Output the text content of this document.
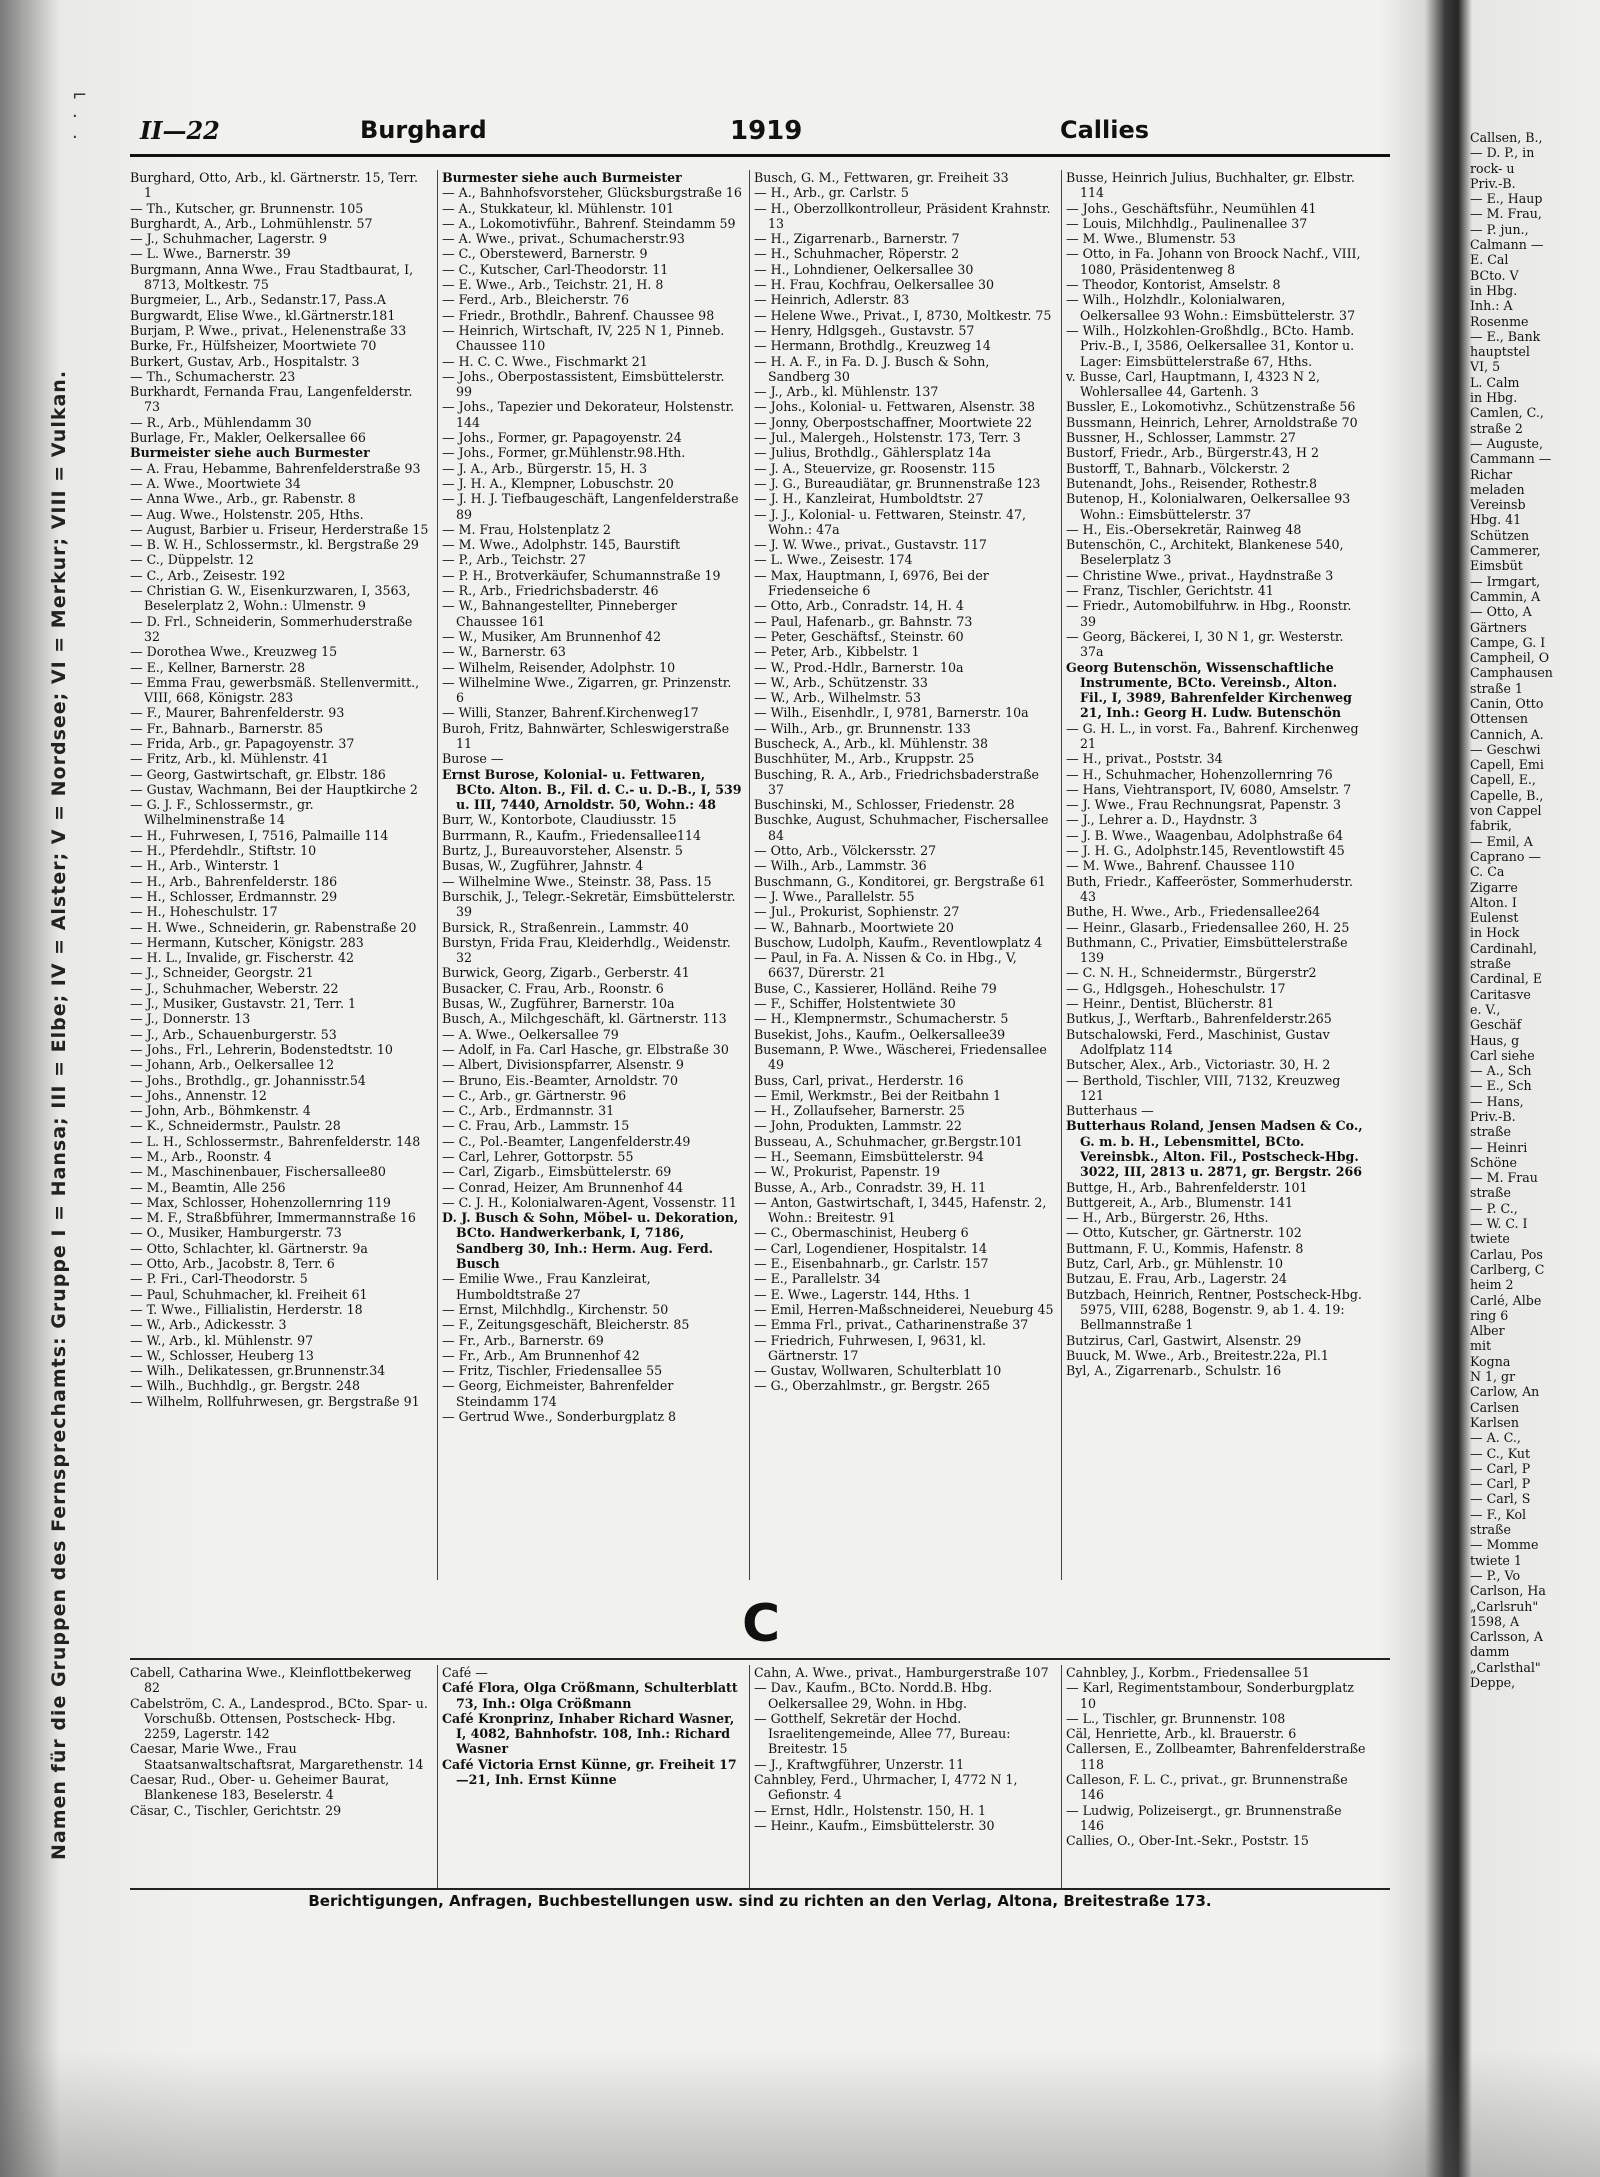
⌐
·
·
Namen für die Gruppen des Fernsprechamts: Gruppe I = Hansa; III = Elbe; IV = Alster; V = Nordsee; VI = Merkur; VIII = Vulkan.
II—22	Burghard	1919	Callies
Burghard, Otto, Arb., kl. Gärtnerstr. 15, Terr. 1
— Th., Kutscher, gr. Brunnenstr. 105
Burghardt, A., Arb., Lohmühlenstr. 57
— J., Schuhmacher, Lagerstr. 9
— L. Wwe., Barnerstr. 39
Burgmann, Anna Wwe., Frau Stadtbaurat, I, 8713, Moltkestr. 75
Burgmeier, L., Arb., Sedanstr.17, Pass.A
Burgwardt, Elise Wwe., kl.Gärtnerstr.181
Burjam, P. Wwe., privat., Helenenstraße 33
Burke, Fr., Hülfsheizer, Moortwiete 70
Burkert, Gustav, Arb., Hospitalstr. 3
— Th., Schumacherstr. 23
Burkhardt, Fernanda Frau, Langenfelderstr. 73
— R., Arb., Mühlendamm 30
Burlage, Fr., Makler, Oelkersallee 66
Burmeister siehe auch Burmester
— A. Frau, Hebamme, Bahrenfelderstraße 93
— A. Wwe., Moortwiete 34
— Anna Wwe., Arb., gr. Rabenstr. 8
— Aug. Wwe., Holstenstr. 205, Hths.
— August, Barbier u. Friseur, Herderstraße 15
— B. W. H., Schlossermstr., kl. Bergstraße 29
— C., Düppelstr. 12
— C., Arb., Zeisestr. 192
— Christian G. W., Eisenkurzwaren, I, 3563, Beselerplatz 2, Wohn.: Ulmenstr. 9
— D. Frl., Schneiderin, Sommerhuderstraße 32
— Dorothea Wwe., Kreuzweg 15
— E., Kellner, Barnerstr. 28
— Emma Frau, gewerbsmäß. Stellenvermitt., VIII, 668, Königstr. 283
— F., Maurer, Bahrenfelderstr. 93
— Fr., Bahnarb., Barnerstr. 85
— Frida, Arb., gr. Papagoyenstr. 37
— Fritz, Arb., kl. Mühlenstr. 41
— Georg, Gastwirtschaft, gr. Elbstr. 186
— Gustav, Wachmann, Bei der Hauptkirche 2
— G. J. F., Schlossermstr., gr. Wilhelminenstraße 14
— H., Fuhrwesen, I, 7516, Palmaille 114
— H., Pferdehdlr., Stiftstr. 10
— H., Arb., Winterstr. 1
— H., Arb., Bahrenfelderstr. 186
— H., Schlosser, Erdmannstr. 29
— H., Hoheschulstr. 17
— H. Wwe., Schneiderin, gr. Rabenstraße 20
— Hermann, Kutscher, Königstr. 283
— H. L., Invalide, gr. Fischerstr. 42
— J., Schneider, Georgstr. 21
— J., Schuhmacher, Weberstr. 22
— J., Musiker, Gustavstr. 21, Terr. 1
— J., Donnerstr. 13
— J., Arb., Schauenburgerstr. 53
— Johs., Frl., Lehrerin, Bodenstedtstr. 10
— Johann, Arb., Oelkersallee 12
— Johs., Brothdlg., gr. Johannisstr.54
— Johs., Annenstr. 12
— John, Arb., Böhmkenstr. 4
— K., Schneidermstr., Paulstr. 28
— L. H., Schlossermstr., Bahrenfelderstr. 148
— M., Arb., Roonstr. 4
— M., Maschinenbauer, Fischersallee80
— M., Beamtin, Alle 256
— Max, Schlosser, Hohenzollernring 119
— M. F., Straßbführer, Immermannstraße 16
— O., Musiker, Hamburgerstr. 73
— Otto, Schlachter, kl. Gärtnerstr. 9a
— Otto, Arb., Jacobstr. 8, Terr. 6
— P. Fri., Carl-Theodorstr. 5
— Paul, Schuhmacher, kl. Freiheit 61
— T. Wwe., Fillialistin, Herderstr. 18
— W., Arb., Adickesstr. 3
— W., Arb., kl. Mühlenstr. 97
— W., Schlosser, Heuberg 13
— Wilh., Delikatessen, gr.Brunnenstr.34
— Wilh., Buchhdlg., gr. Bergstr. 248
— Wilhelm, Rollfuhrwesen, gr. Bergstraße 91
Burmester siehe auch Burmeister
— A., Bahnhofsvorsteher, Glücksburgstraße 16
— A., Stukkateur, kl. Mühlenstr. 101
— A., Lokomotivführ., Bahrenf. Steindamm 59
— A. Wwe., privat., Schumacherstr.93
— C., Oberstewerd, Barnerstr. 9
— C., Kutscher, Carl-Theodorstr. 11
— E. Wwe., Arb., Teichstr. 21, H. 8
— Ferd., Arb., Bleicherstr. 76
— Friedr., Brothdlr., Bahrenf. Chaussee 98
— Heinrich, Wirtschaft, IV, 225 N 1, Pinneb. Chaussee 110
— H. C. C. Wwe., Fischmarkt 21
— Johs., Oberpostassistent, Eimsbüttelerstr. 99
— Johs., Tapezier und Dekorateur, Holstenstr. 144
— Johs., Former, gr. Papagoyenstr. 24
— Johs., Former, gr.Mühlenstr.98.Hth.
— J. A., Arb., Bürgerstr. 15, H. 3
— J. H. A., Klempner, Lobuschstr. 20
— J. H. J. Tiefbaugeschäft, Langenfelderstraße 89
— M. Frau, Holstenplatz 2
— M. Wwe., Adolphstr. 145, Baurstift
— P., Arb., Teichstr. 27
— P. H., Brotverkäufer, Schumannstraße 19
— R., Arb., Friedrichsbaderstr. 46
— W., Bahnangestellter, Pinneberger Chaussee 161
— W., Musiker, Am Brunnenhof 42
— W., Barnerstr. 63
— Wilhelm, Reisender, Adolphstr. 10
— Wilhelmine Wwe., Zigarren, gr. Prinzenstr. 6
— Willi, Stanzer, Bahrenf.Kirchenweg17
Buroh, Fritz, Bahnwärter, Schleswigerstraße 11
Burose —
Ernst Burose, Kolonial- u. Fettwaren, BCto. Alton. B., Fil. d. C.- u. D.-B., I, 539 u. III, 7440, Arnoldstr. 50, Wohn.: 48
Burr, W., Kontorbote, Claudiusstr. 15
Burrmann, R., Kaufm., Friedensallee114
Burtz, J., Bureauvorsteher, Alsenstr. 5
Busas, W., Zugführer, Jahnstr. 4
— Wilhelmine Wwe., Steinstr. 38, Pass. 15
Burschik, J., Telegr.-Sekretär, Eimsbüttelerstr. 39
Bursick, R., Straßenrein., Lammstr. 40
Burstyn, Frida Frau, Kleiderhdlg., Weidenstr. 32
Burwick, Georg, Zigarb., Gerberstr. 41
Busacker, C. Frau, Arb., Roonstr. 6
Busas, W., Zugführer, Barnerstr. 10a
Busch, A., Milchgeschäft, kl. Gärtnerstr. 113
— A. Wwe., Oelkersallee 79
— Adolf, in Fa. Carl Hasche, gr. Elbstraße 30
— Albert, Divisionspfarrer, Alsenstr. 9
— Bruno, Eis.-Beamter, Arnoldstr. 70
— C., Arb., gr. Gärtnerstr. 96
— C., Arb., Erdmannstr. 31
— C. Frau, Arb., Lammstr. 15
— C., Pol.-Beamter, Langenfelderstr.49
— Carl, Lehrer, Gottorpstr. 55
— Carl, Zigarb., Eimsbüttelerstr. 69
— Conrad, Heizer, Am Brunnenhof 44
— C. J. H., Kolonialwaren-Agent, Vossenstr. 11
D. J. Busch & Sohn, Möbel- u. Dekoration, BCto. Handwerkerbank, I, 7186, Sandberg 30, Inh.: Herm. Aug. Ferd. Busch
— Emilie Wwe., Frau Kanzleirat, Humboldtstraße 27
— Ernst, Milchhdlg., Kirchenstr. 50
— F., Zeitungsgeschäft, Bleicherstr. 85
— Fr., Arb., Barnerstr. 69
— Fr., Arb., Am Brunnenhof 42
— Fritz, Tischler, Friedensallee 55
— Georg, Eichmeister, Bahrenfelder Steindamm 174
— Gertrud Wwe., Sonderburgplatz 8
Busch, G. M., Fettwaren, gr. Freiheit 33
— H., Arb., gr. Carlstr. 5
— H., Oberzollkontrolleur, Präsident Krahnstr. 13
— H., Zigarrenarb., Barnerstr. 7
— H., Schuhmacher, Röperstr. 2
— H., Lohndiener, Oelkersallee 30
— H. Frau, Kochfrau, Oelkersallee 30
— Heinrich, Adlerstr. 83
— Helene Wwe., Privat., I, 8730, Moltkestr. 75
— Henry, Hdlgsgeh., Gustavstr. 57
— Hermann, Brothdlg., Kreuzweg 14
— H. A. F., in Fa. D. J. Busch & Sohn, Sandberg 30
— J., Arb., kl. Mühlenstr. 137
— Johs., Kolonial- u. Fettwaren, Alsenstr. 38
— Jonny, Oberpostschaffner, Moortwiete 22
— Jul., Malergeh., Holstenstr. 173, Terr. 3
— Julius, Brothdlg., Gählersplatz 14a
— J. A., Steuervize, gr. Roosenstr. 115
— J. G., Bureaudiätar, gr. Brunnenstraße 123
— J. H., Kanzleirat, Humboldtstr. 27
— J. J., Kolonial- u. Fettwaren, Steinstr. 47, Wohn.: 47a
— J. W. Wwe., privat., Gustavstr. 117
— L. Wwe., Zeisestr. 174
— Max, Hauptmann, I, 6976, Bei der Friedenseiche 6
— Otto, Arb., Conradstr. 14, H. 4
— Paul, Hafenarb., gr. Bahnstr. 73
— Peter, Geschäftsf., Steinstr. 60
— Peter, Arb., Kibbelstr. 1
— W., Prod.-Hdlr., Barnerstr. 10a
— W., Arb., Schützenstr. 33
— W., Arb., Wilhelmstr. 53
— Wilh., Eisenhdlr., I, 9781, Barnerstr. 10a
— Wilh., Arb., gr. Brunnenstr. 133
Buscheck, A., Arb., kl. Mühlenstr. 38
Buschhüter, M., Arb., Kruppstr. 25
Busching, R. A., Arb., Friedrichsbaderstraße 37
Buschinski, M., Schlosser, Friedenstr. 28
Buschke, August, Schuhmacher, Fischersallee 84
— Otto, Arb., Völckersstr. 27
— Wilh., Arb., Lammstr. 36
Buschmann, G., Konditorei, gr. Bergstraße 61
— J. Wwe., Parallelstr. 55
— Jul., Prokurist, Sophienstr. 27
— W., Bahnarb., Moortwiete 20
Buschow, Ludolph, Kaufm., Reventlowplatz 4
— Paul, in Fa. A. Nissen & Co. in Hbg., V, 6637, Dürerstr. 21
Buse, C., Kassierer, Holländ. Reihe 79
— F., Schiffer, Holstentwiete 30
— H., Klempnermstr., Schumacherstr. 5
Busekist, Johs., Kaufm., Oelkersallee39
Busemann, P. Wwe., Wäscherei, Friedensallee 49
Buss, Carl, privat., Herderstr. 16
— Emil, Werkmstr., Bei der Reitbahn 1
— H., Zollaufseher, Barnerstr. 25
— John, Produkten, Lammstr. 22
Busseau, A., Schuhmacher, gr.Bergstr.101
— H., Seemann, Eimsbüttelerstr. 94
— W., Prokurist, Papenstr. 19
Busse, A., Arb., Conradstr. 39, H. 11
— Anton, Gastwirtschaft, I, 3445, Hafenstr. 2, Wohn.: Breitestr. 91
— C., Obermaschinist, Heuberg 6
— Carl, Logendiener, Hospitalstr. 14
— E., Eisenbahnarb., gr. Carlstr. 157
— E., Parallelstr. 34
— E. Wwe., Lagerstr. 144, Hths. 1
— Emil, Herren-Maßschneiderei, Neueburg 45
— Emma Frl., privat., Catharinenstraße 37
— Friedrich, Fuhrwesen, I, 9631, kl. Gärtnerstr. 17
— Gustav, Wollwaren, Schulterblatt 10
— G., Oberzahlmstr., gr. Bergstr. 265
Busse, Heinrich Julius, Buchhalter, gr. Elbstr. 114
— Johs., Geschäftsführ., Neumühlen 41
— Louis, Milchhdlg., Paulinenallee 37
— M. Wwe., Blumenstr. 53
— Otto, in Fa. Johann von Broock Nachf., VIII, 1080, Präsidentenweg 8
— Theodor, Kontorist, Amselstr. 8
— Wilh., Holzhdlr., Kolonialwaren, Oelkersallee 93 Wohn.: Eimsbüttelerstr. 37
— Wilh., Holzkohlen-Großhdlg., BCto. Hamb. Priv.-B., I, 3586, Oelkersallee 31, Kontor u. Lager: Eimsbüttelerstraße 67, Hths.
v. Busse, Carl, Hauptmann, I, 4323 N 2, Wohlersallee 44, Gartenh. 3
Bussler, E., Lokomotivhz., Schützenstraße 56
Bussmann, Heinrich, Lehrer, Arnoldstraße 70
Bussner, H., Schlosser, Lammstr. 27
Bustorf, Friedr., Arb., Bürgerstr.43, H 2
Bustorff, T., Bahnarb., Völckerstr. 2
Butenandt, Johs., Reisender, Rothestr.8
Butenop, H., Kolonialwaren, Oelkersallee 93 Wohn.: Eimsbüttelerstr. 37
— H., Eis.-Obersekretär, Rainweg 48
Butenschön, C., Architekt, Blankenese 540, Beselerplatz 3
— Christine Wwe., privat., Haydnstraße 3
— Franz, Tischler, Gerichtstr. 41
— Friedr., Automobilfuhrw. in Hbg., Roonstr. 39
— Georg, Bäckerei, I, 30 N 1, gr. Westerstr. 37a
Georg Butenschön, Wissenschaftliche Instrumente, BCto. Vereinsb., Alton. Fil., I, 3989, Bahrenfelder Kirchenweg 21, Inh.: Georg H. Ludw. Butenschön
— G. H. L., in vorst. Fa., Bahrenf. Kirchenweg 21
— H., privat., Poststr. 34
— H., Schuhmacher, Hohenzollernring 76
— Hans, Viehtransport, IV, 6080, Amselstr. 7
— J. Wwe., Frau Rechnungsrat, Papenstr. 3
— J., Lehrer a. D., Haydnstr. 3
— J. B. Wwe., Waagenbau, Adolphstraße 64
— J. H. G., Adolphstr.145, Reventlowstift 45
— M. Wwe., Bahrenf. Chaussee 110
Buth, Friedr., Kaffeeröster, Sommerhuderstr. 43
Buthe, H. Wwe., Arb., Friedensallee264
— Heinr., Glasarb., Friedensallee 260, H. 25
Buthmann, C., Privatier, Eimsbüttelerstraße 139
— C. N. H., Schneidermstr., Bürgerstr2
— G., Hdlgsgeh., Hoheschulstr. 17
— Heinr., Dentist, Blücherstr. 81
Butkus, J., Werftarb., Bahrenfelderstr.265
Butschalowski, Ferd., Maschinist, Gustav Adolfplatz 114
Butscher, Alex., Arb., Victoriastr. 30, H. 2
— Berthold, Tischler, VIII, 7132, Kreuzweg 121
Butterhaus —
Butterhaus Roland, Jensen Madsen & Co., G. m. b. H., Lebensmittel, BCto. Vereinsbk., Alton. Fil., Postscheck-Hbg. 3022, III, 2813 u. 2871, gr. Bergstr. 266
Buttge, H., Arb., Bahrenfelderstr. 101
Buttgereit, A., Arb., Blumenstr. 141
— H., Arb., Bürgerstr. 26, Hths.
— Otto, Kutscher, gr. Gärtnerstr. 102
Buttmann, F. U., Kommis, Hafenstr. 8
Butz, Carl, Arb., gr. Mühlenstr. 10
Butzau, E. Frau, Arb., Lagerstr. 24
Butzbach, Heinrich, Rentner, Postscheck-Hbg. 5975, VIII, 6288, Bogenstr. 9, ab 1. 4. 19: Bellmannstraße 1
Butzirus, Carl, Gastwirt, Alsenstr. 29
Buuck, M. Wwe., Arb., Breitestr.22a, Pl.1
Byl, A., Zigarrenarb., Schulstr. 16
C
Cabell, Catharina Wwe., Kleinflottbekerweg 82
Cabelström, C. A., Landesprod., BCto. Spar- u. Vorschußb. Ottensen, Postscheck- Hbg. 2259, Lagerstr. 142
Caesar, Marie Wwe., Frau Staatsanwaltschaftsrat, Margarethenstr. 14
Caesar, Rud., Ober- u. Geheimer Baurat, Blankenese 183, Beselerstr. 4
Cäsar, C., Tischler, Gerichtstr. 29
Café —
Café Flora, Olga Crößmann, Schulterblatt 73, Inh.: Olga Crößmann
Café Kronprinz, Inhaber Richard Wasner, I, 4082, Bahnhofstr. 108, Inh.: Richard Wasner
Café Victoria Ernst Künne, gr. Freiheit 17—21, Inh. Ernst Künne
Cahn, A. Wwe., privat., Hamburgerstraße 107
— Dav., Kaufm., BCto. Nordd.B. Hbg. Oelkersallee 29, Wohn. in Hbg.
— Gotthelf, Sekretär der Hochd. Israelitengemeinde, Allee 77, Bureau: Breitestr. 15
— J., Kraftwgführer, Unzerstr. 11
Cahnbley, Ferd., Uhrmacher, I, 4772 N 1, Gefionstr. 4
— Ernst, Hdlr., Holstenstr. 150, H. 1
— Heinr., Kaufm., Eimsbüttelerstr. 30
Cahnbley, J., Korbm., Friedensallee 51
— Karl, Regimentstambour, Sonderburgplatz 10
— L., Tischler, gr. Brunnenstr. 108
Cäl, Henriette, Arb., kl. Brauerstr. 6
Callersen, E., Zollbeamter, Bahrenfelderstraße 118
Calleson, F. L. C., privat., gr. Brunnenstraße 146
— Ludwig, Polizeisergt., gr. Brunnenstraße 146
Callies, O., Ober-Int.-Sekr., Poststr. 15
Berichtigungen, Anfragen, Buchbestellungen usw. sind zu richten an den Verlag, Altona, Breitestraße 173.
Callsen, B.,
— D. P., in
rock- u
Priv.-B.
— E., Haup
— M. Frau,
— P. jun.,
Calmann —
E. Cal
BCto. V
in Hbg.
Inh.: A
Rosenme
— E., Bank
hauptstel
VI, 5
L. Calm
in Hbg.
Camlen, C.,
straße 2
— Auguste,
Cammann —
Richar
meladen
Vereinsb
Hbg. 41
Schützen
Cammerer,
Eimsbüt
— Irmgart,
Cammin, A
— Otto, A
Gärtners
Campe, G. I
Campheil, O
Camphausen
straße 1
Canin, Otto
Ottensen
Cannich, A.
— Geschwi
Capell, Emi
Capell, E.,
Capelle, B.,
von Cappel
fabrik,
— Emil, A
Caprano —
C. Ca
Zigarre
Alton. I
Eulenst
in Hock
Cardinahl,
straße
Cardinal, E
Caritasve
e. V.,
Geschäf
Haus, g
Carl siehe
— A., Sch
— E., Sch
— Hans,
Priv.-B.
straße
— Heinri
Schöne
— M. Frau
straße
— P. C.,
— W. C. I
twiete
Carlau, Pos
Carlberg, C
heim 2
Carlé, Albe
ring 6
Alber
mit
Kogna
N 1, gr
Carlow, An
Carlsen
Karlsen
— A. C.,
— C., Kut
— Carl, P
— Carl, P
— Carl, S
— F., Kol
straße
— Momme
twiete 1
— P., Vo
Carlson, Ha
„Carlsruh"
1598, A
Carlsson, A
damm
„Carlsthal"
Deppe,
